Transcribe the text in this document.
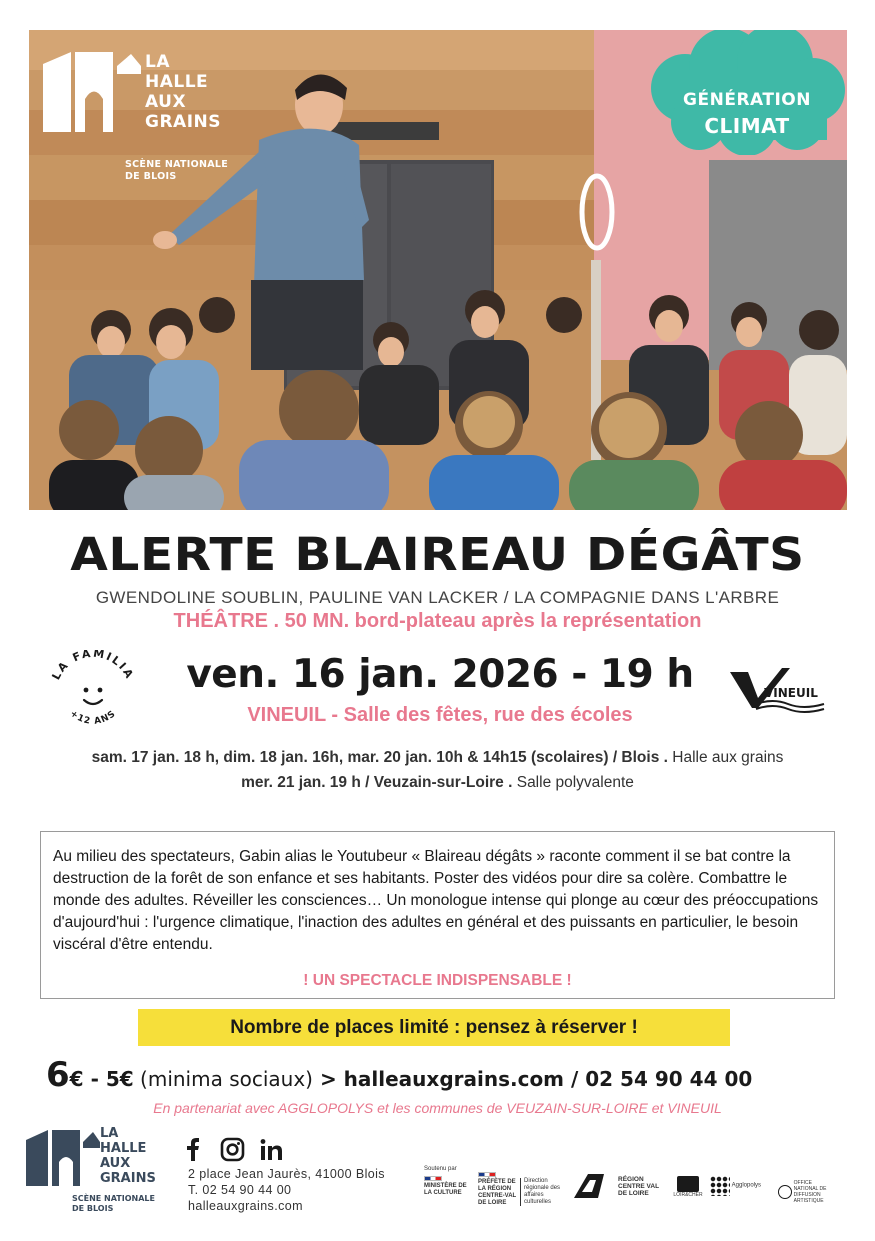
LA
HALLE
AUX
GRAINS
SCÈNE NATIONALE
DE BLOIS
GÉNÉRATION
CLIMAT
ALERTE BLAIREAU DÉGÂTS
GWENDOLINE SOUBLIN, PAULINE VAN LACKER / LA COMPAGNIE DANS L'ARBRE
THÉÂTRE . 50 MN. bord-plateau après la représentation
LA FAMILIA
+12 ANS
ven. 16 jan. 2026 - 19 h
VINEUIL - Salle des fêtes, rue des écoles
VINEUIL
sam. 17 jan. 18 h, dim. 18 jan. 16h, mar. 20 jan. 10h & 14h15 (scolaires) / Blois . Halle aux grains
mer. 21 jan. 19 h / Veuzain-sur-Loire . Salle polyvalente

Au milieu des spectateurs, Gabin alias le Youtubeur « Blaireau dégâts » raconte comment il se bat contre la destruction de la forêt de son enfance et ses habitants. Poster des vidéos pour dire sa colère. Combattre le monde des adultes. Réveiller les consciences… Un monologue intense qui plonge au cœur des préoccupations d'aujourd'hui : l'urgence climatique, l'inaction des adultes en général et des puissants en particulier, le besoin viscéral d'être entendu.

! UN SPECTACLE INDISPENSABLE !
Nombre de places limité : pensez à réserver !
6€ - 5€ (minima sociaux) > halleauxgrains.com / 02 54 90 44 00
En partenariat avec AGGLOPOLYS et les communes de VEUZAIN-SUR-LOIRE et VINEUIL
LA
HALLE
AUX
GRAINS
SCÈNE NATIONALE
DE BLOIS
2 place Jean Jaurès, 41000 Blois
T. 02 54 90 44 00
halleauxgrains.com
Soutenu par
MINISTÈRE DE LA CULTURE
PRÉFÈTE DE LA RÉGION CENTRE-VAL DE LOIRE
Direction régionale des affaires culturelles
RÉGION CENTRE VAL DE LOIRE	LOIR&CHER
Agglopolys	OFFICE NATIONAL DE DIFFUSION ARTISTIQUE
